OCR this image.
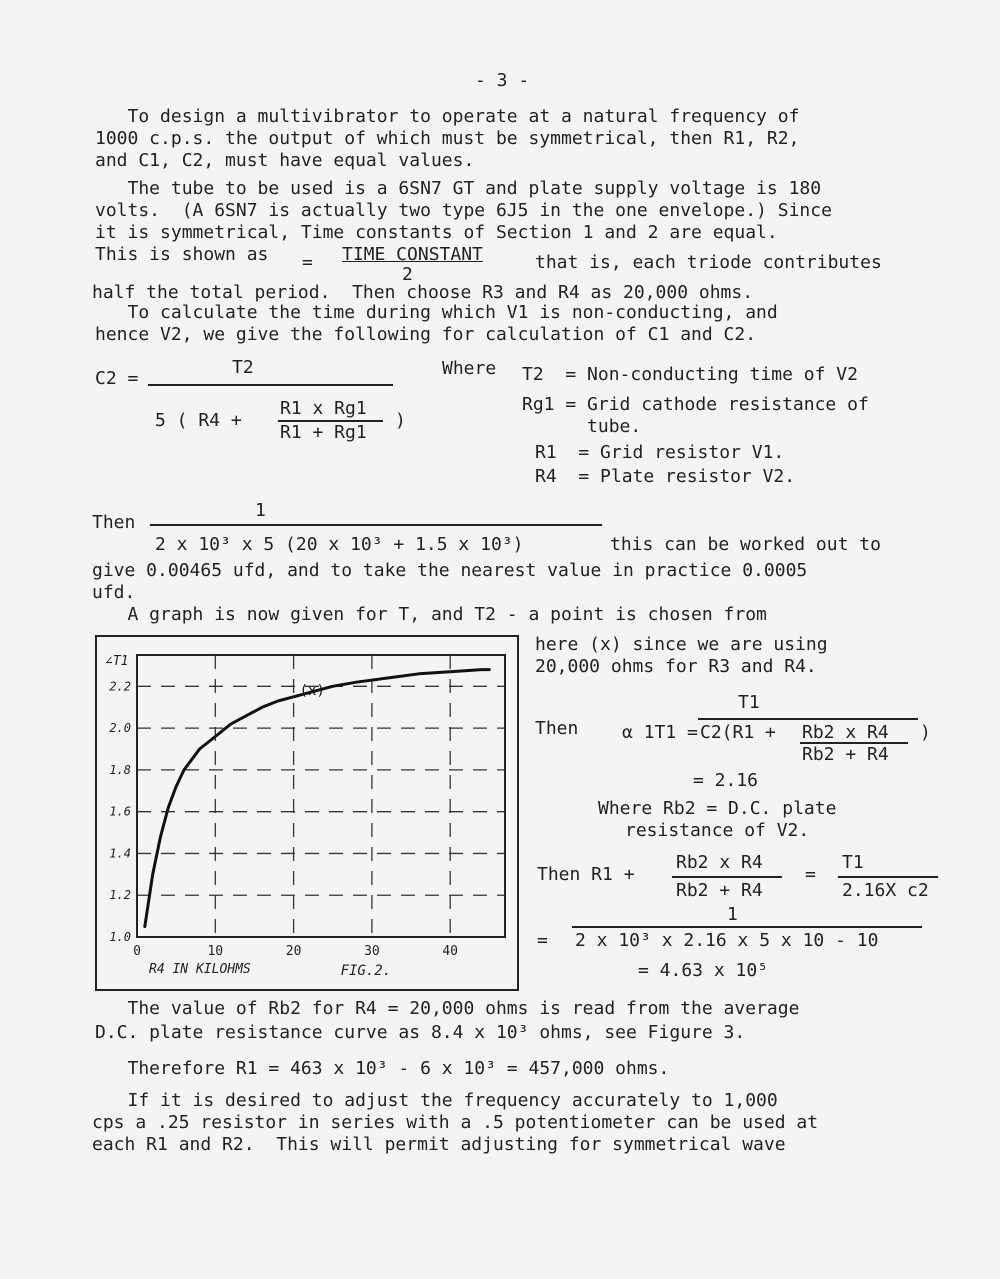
- 3 -
To design a multivibrator to operate at a natural frequency of
1000 c.p.s. the output of which must be symmetrical, then R1, R2,
and C1, C2, must have equal values.
The tube to be used is a 6SN7 GT and plate supply voltage is 180
volts.  (A 6SN7 is actually two type 6J5 in the one envelope.) Since
it is symmetrical, Time constants of Section 1 and 2 are equal.
This is shown as = TIME CONSTANT
2
that is, each triode contributes
half the total period.  Then choose R3 and R4 as 20,000 ohms.
To calculate the time during which V1 is non-conducting, and
hence V2, we give the following for calculation of C1 and C2.
C2 =
T2
5 ( R4 +
R1 x Rg1
R1 + Rg1
)
Where T2  = Non-conducting time of V2
Rg1 = Grid cathode resistance of
tube.
R1  = Grid resistor V1.
R4  = Plate resistor V2.
Then
1
2 x 10³ x 5 (20 x 10³ + 1.5 x 10³)	this can be worked out to
give 0.00465 ufd, and to take the nearest value in practice 0.0005
ufd.
A graph is now given for T, and T2 - a point is chosen from
0	10	20	30	40
1.0
1.2
1.4
1.6
1.8
2.0
2.2
∠T1
R4 IN KILOHMS	FIG.2.
(x)
here (x) since we are using
20,000 ohms for R3 and R4.
T1
Then α 1T1 = C2(R1 + Rb2 x R4
Rb2 + R4
)
= 2.16
Where Rb2 = D.C. plate
resistance of V2.
Then R1 +
Rb2 x R4
Rb2 + R4
=
T1
2.16X c2
1
= 2 x 10³ x 2.16 x 5 x 10 - 10
= 4.63 x 10⁵
The value of Rb2 for R4 = 20,000 ohms is read from the average
D.C. plate resistance curve as 8.4 x 10³ ohms, see Figure 3.
Therefore R1 = 463 x 10³ - 6 x 10³ = 457,000 ohms.
If it is desired to adjust the frequency accurately to 1,000
cps a .25 resistor in series with a .5 potentiometer can be used at
each R1 and R2.  This will permit adjusting for symmetrical wave
